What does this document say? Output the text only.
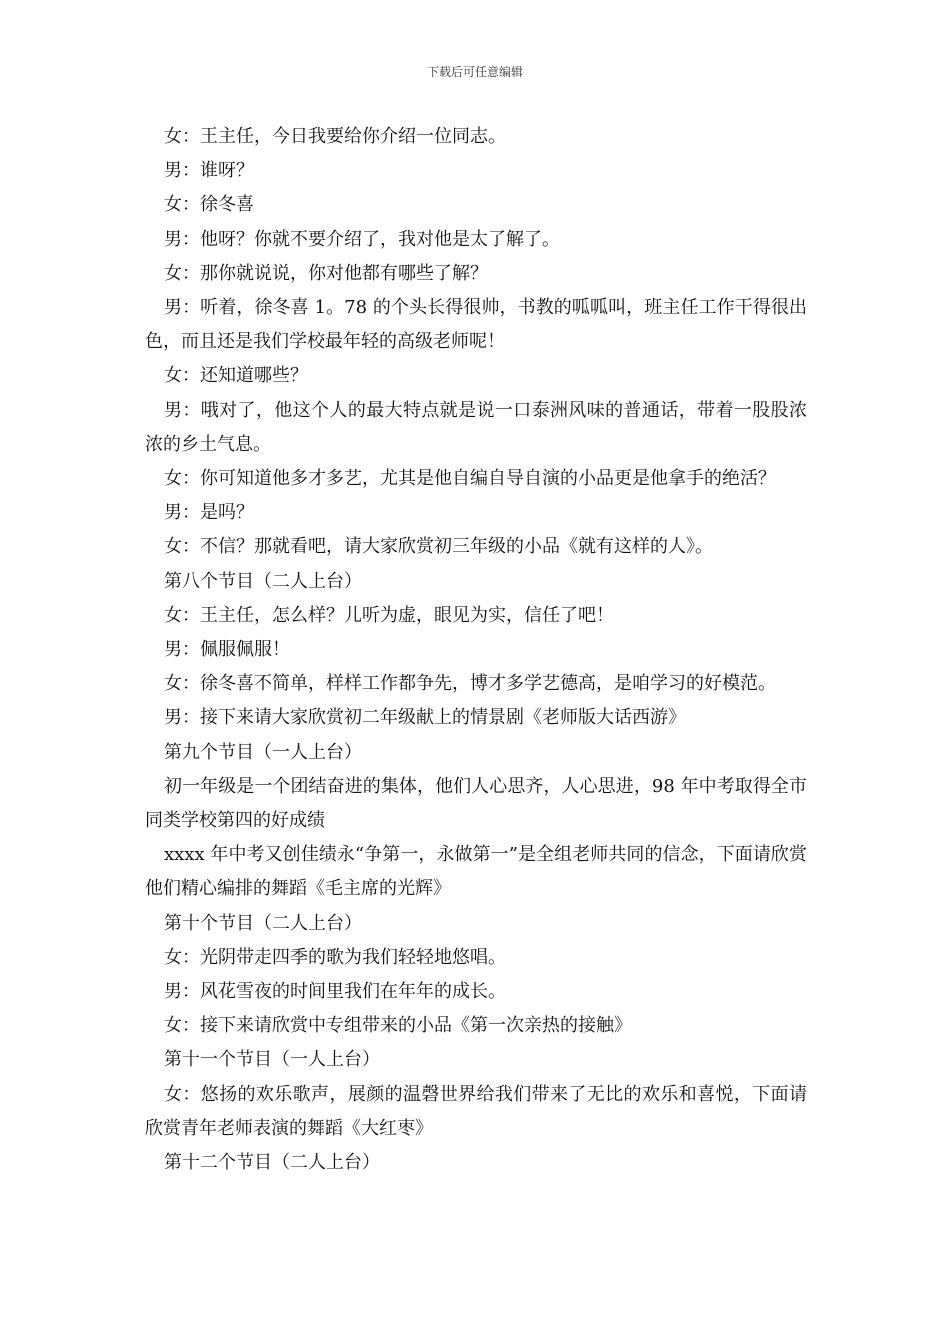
下载后可任意编辑

女：王主任，今日我要给你介绍一位同志。

男：谁呀？

女：徐冬喜

男：他呀？你就不要介绍了，我对他是太了解了。

女：那你就说说，你对他都有哪些了解？

男：听着，徐冬喜 1。78 的个头长得很帅，书教的呱呱叫，班主任工作干得很出色，而且还是我们学校最年轻的高级老师呢！

女：还知道哪些？

男：哦对了，他这个人的最大特点就是说一口泰洲风味的普通话，带着一股股浓浓的乡土气息。

女：你可知道他多才多艺，尤其是他自编自导自演的小品更是他拿手的绝活？

男：是吗？

女：不信？那就看吧，请大家欣赏初三年级的小品《就有这样的人》。

第八个节目（二人上台）

女：王主任，怎么样？儿听为虚，眼见为实，信任了吧！

男：佩服佩服！

女：徐冬喜不简单，样样工作都争先，博才多学艺德高，是咱学习的好模范。

男：接下来请大家欣赏初二年级献上的情景剧《老师版大话西游》

第九个节目（一人上台）

初一年级是一个团结奋进的集体，他们人心思齐，人心思进，98 年中考取得全市同类学校第四的好成绩

xxxx 年中考又创佳绩永“争第一，永做第一”是全组老师共同的信念，下面请欣赏他们精心编排的舞蹈《毛主席的光辉》

第十个节目（二人上台）

女：光阴带走四季的歌为我们轻轻地悠唱。

男：风花雪夜的时间里我们在年年的成长。

女：接下来请欣赏中专组带来的小品《第一次亲热的接触》

第十一个节目（一人上台）

女：悠扬的欢乐歌声，展颜的温磬世界给我们带来了无比的欢乐和喜悦，下面请欣赏青年老师表演的舞蹈《大红枣》

第十二个节目（二人上台）
